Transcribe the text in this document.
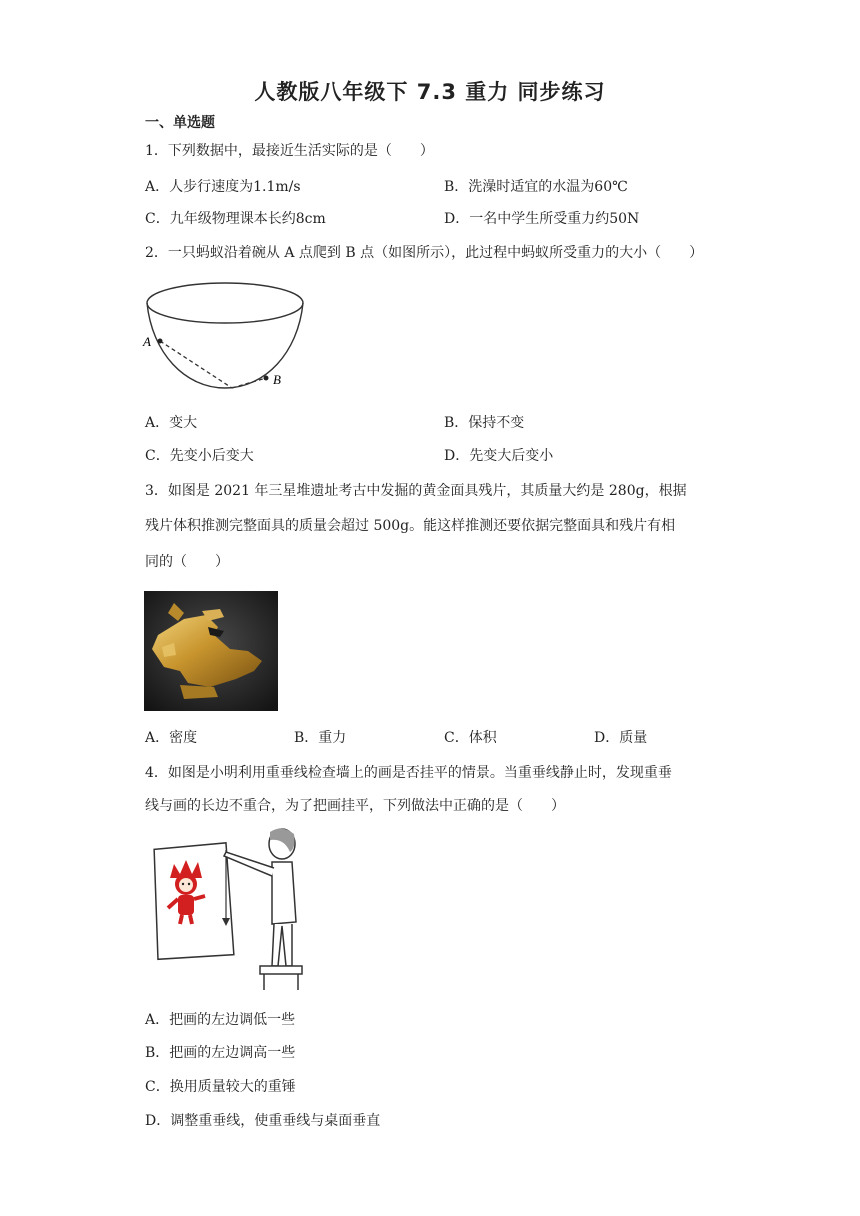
人教版八年级下 7.3 重力 同步练习
一、单选题
1．下列数据中，最接近生活实际的是（　　）
A．人步行速度为1.1m/s	B．洗澡时适宜的水温为60℃
C．九年级物理课本长约8cm	D．一名中学生所受重力约50N
2．一只蚂蚁沿着碗从 A 点爬到 B 点（如图所示），此过程中蚂蚁所受重力的大小（　　）
A
B
A．变大	B．保持不变
C．先变小后变大	D．先变大后变小
3．如图是 2021 年三星堆遗址考古中发掘的黄金面具残片，其质量大约是 280g，根据
残片体积推测完整面具的质量会超过 500g。能这样推测还要依据完整面具和残片有相
同的（　　）
A．密度	B．重力	C．体积	D．质量
4．如图是小明利用重垂线检查墙上的画是否挂平的情景。当重垂线静止时，发现重垂
线与画的长边不重合，为了把画挂平，下列做法中正确的是（　　）
A．把画的左边调低一些
B．把画的左边调高一些
C．换用质量较大的重锤
D．调整重垂线，使重垂线与桌面垂直
